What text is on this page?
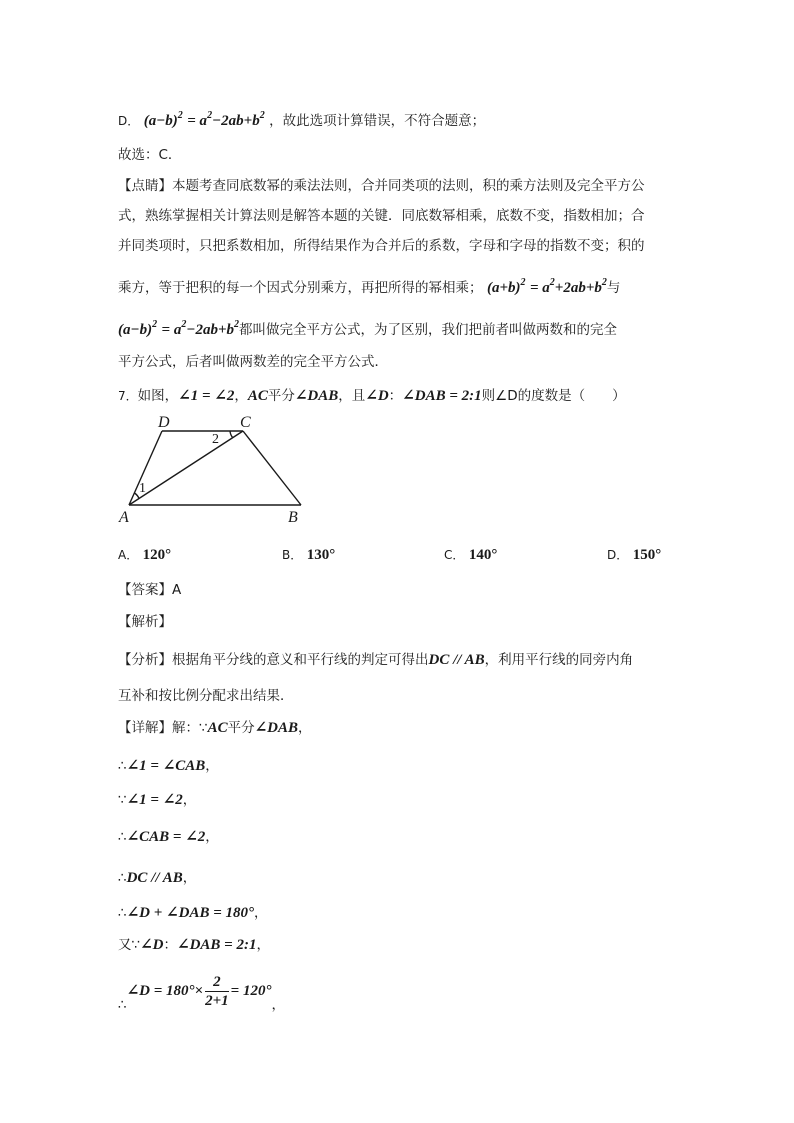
D． $(a-b)^2 = a^2-2ab+b^2$ ，故此选项计算错误，不符合题意；
故选：C．
【点睛】本题考查同底数幂的乘法法则，合并同类项的法则，积的乘方法则及完全平方公
式，熟练掌握相关计算法则是解答本题的关键．同底数幂相乘，底数不变，指数相加；合
并同类项时，只把系数相加，所得结果作为合并后的系数，字母和字母的指数不变；积的
乘方，等于把积的每一个因式分别乘方，再把所得的幂相乘； $(a+b)^2 = a^2+2ab+b^2$与
$(a-b)^2 = a^2-2ab+b^2$都叫做完全平方公式，为了区别，我们把前者叫做两数和的完全
平方公式，后者叫做两数差的完全平方公式．
7．如图，∠1 = ∠2，AC平分∠DAB，且∠D：∠DAB = 2:1则∠D的度数是（　　）
D	C
A	B
1
2
A． 120°	B． 130°	C． 140°	D． 150°
【答案】A
【解析】
【分析】根据角平分线的意义和平行线的判定可得出DC // AB，利用平行线的同旁内角
互补和按比例分配求出结果．
【详解】解：∵AC平分∠DAB，
∴∠1 = ∠CAB，
∵∠1 = ∠2，
∴∠CAB = ∠2，
∴DC // AB，
∴∠D + ∠DAB = 180°，
又∵∠D：∠DAB = 2:1，
∴∠D = $180^\circ\times \frac{2}{2+1} = 120^\circ$，
